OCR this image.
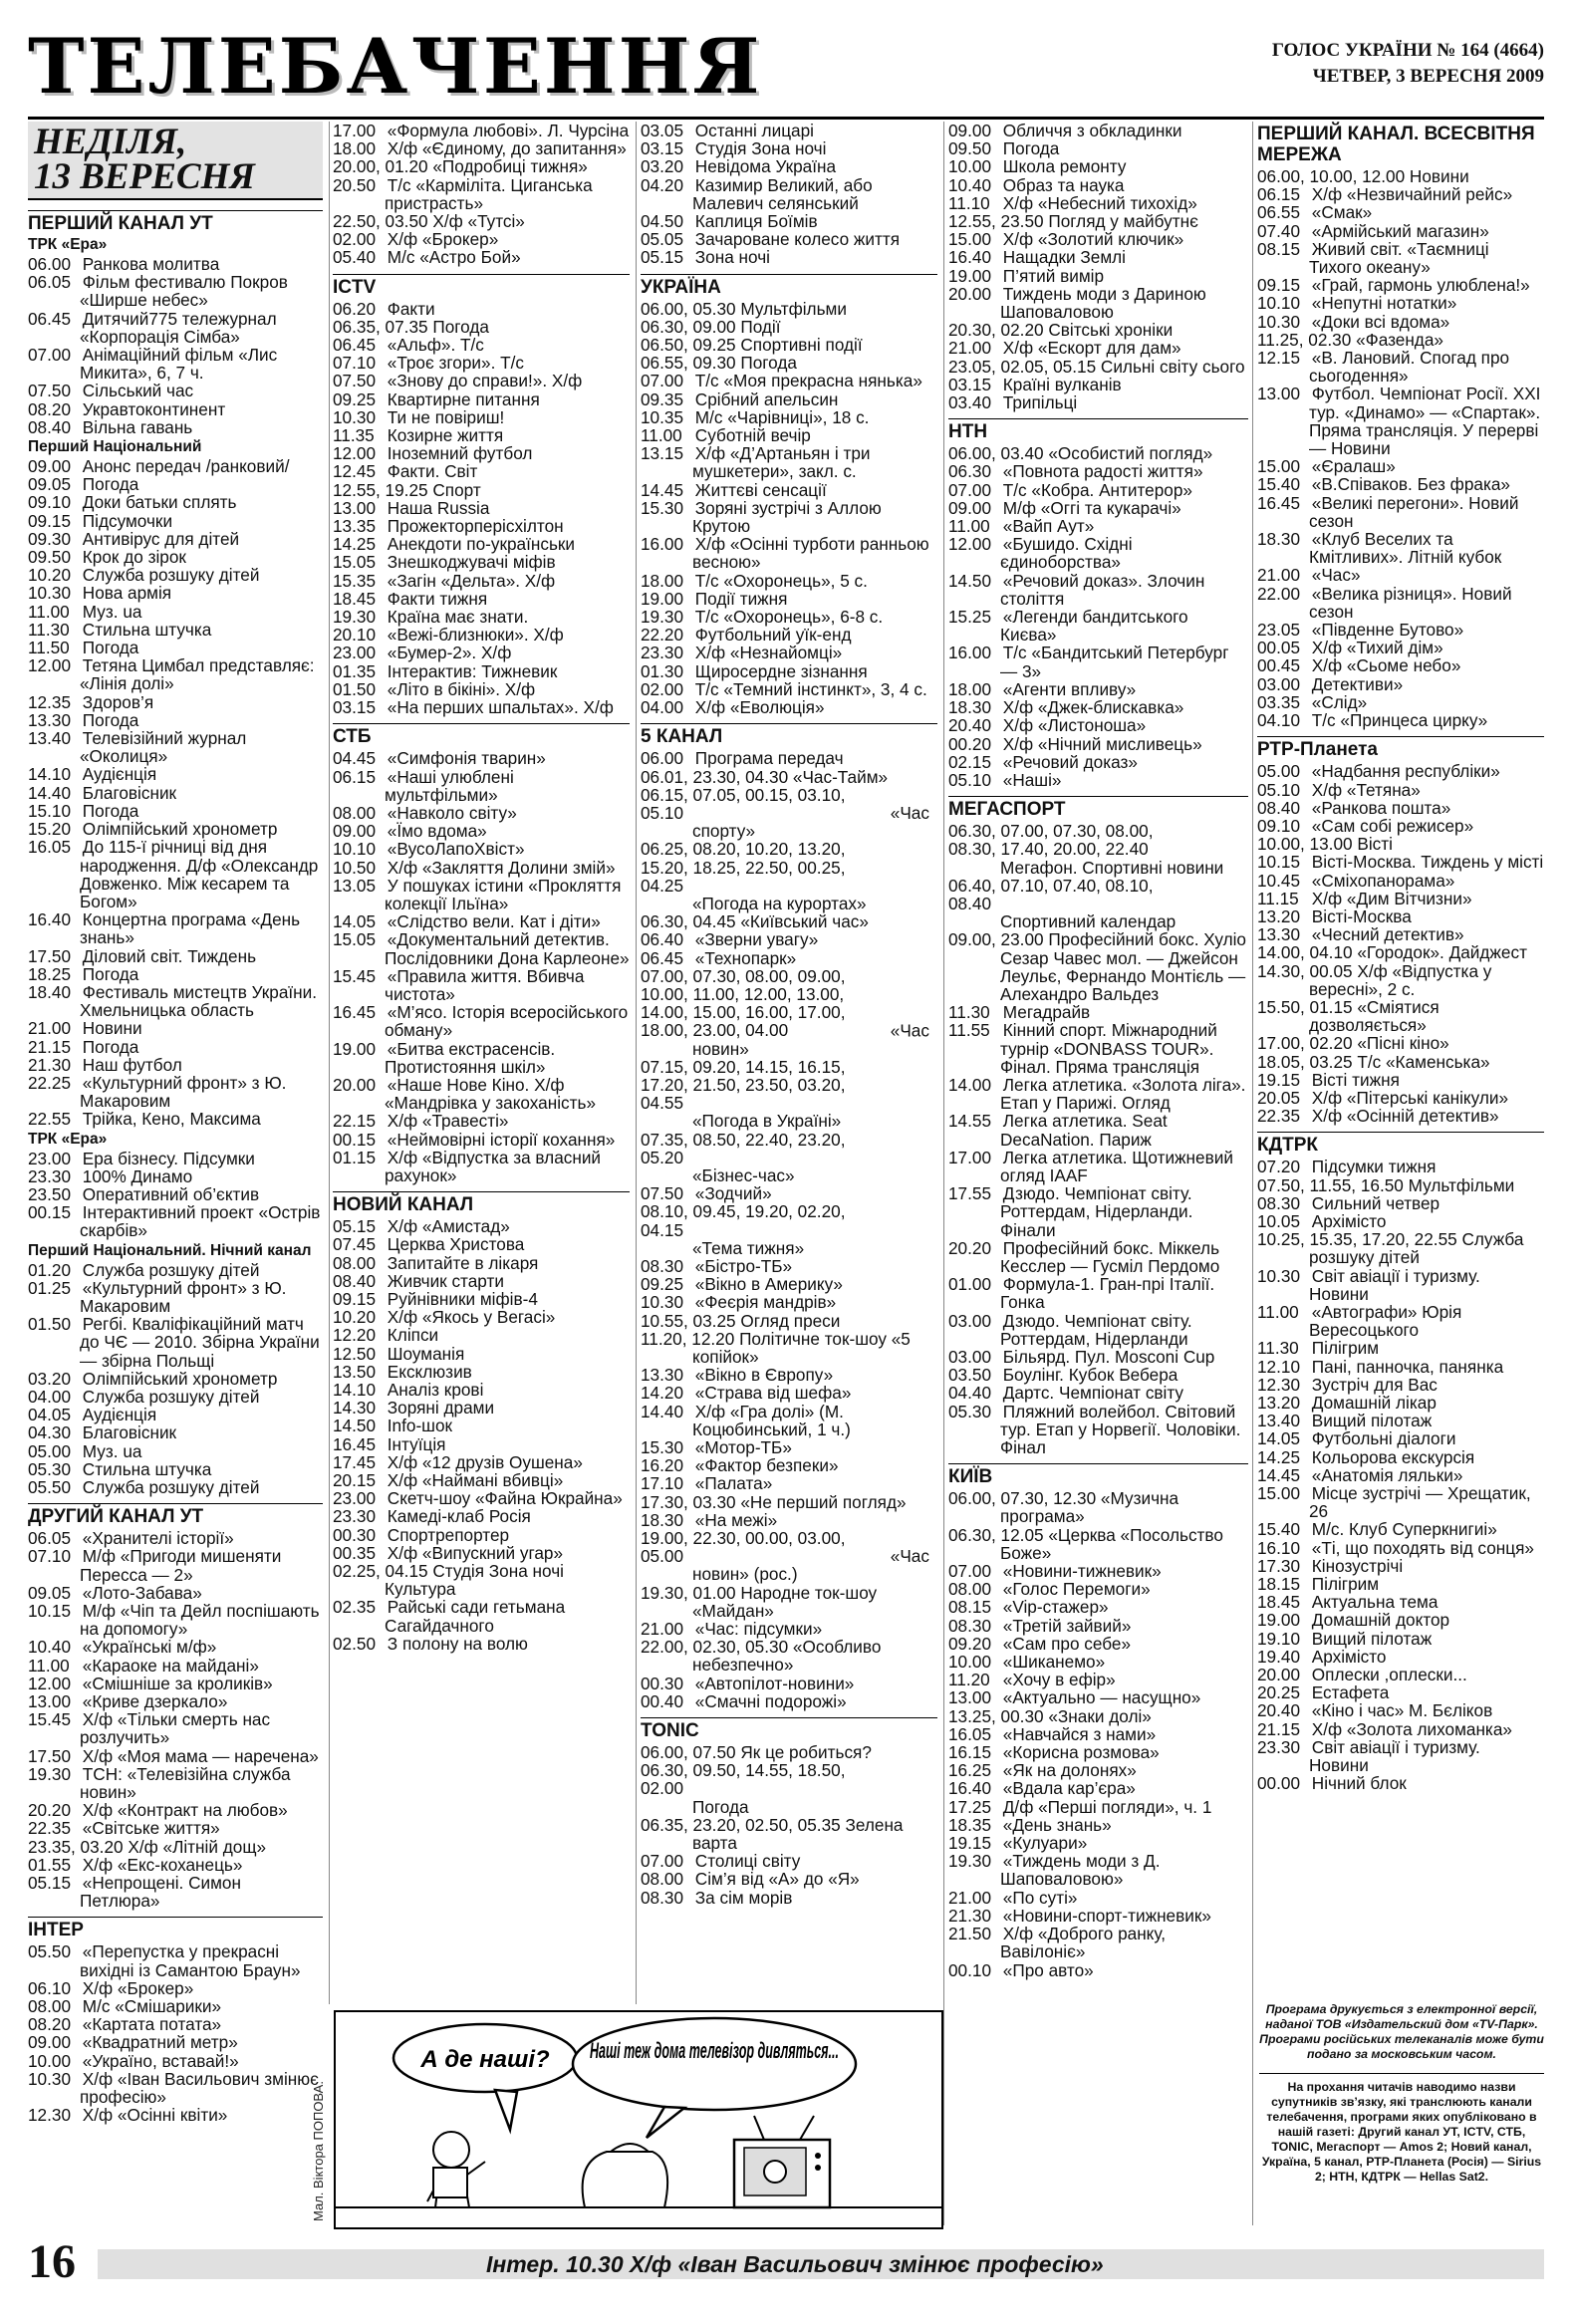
ТЕЛЕБАЧЕННЯ	ГОЛОС УКРАЇНИ № 164 (4664)
ЧЕТВЕР, 3 ВЕРЕСНЯ 2009
НЕДІЛЯ,
13 ВЕРЕСНЯ
ПЕРШИЙ КАНАЛ УТ
ТРК «Ера»
06.00 Ранкова молитва
06.05 Фільм фестивалю Покров «Ширше небес»
06.45 Дитячий775 тележурнал «Корпорація Сімба»
07.00 Анімаційний фільм «Лис Микита», 6, 7 ч.
07.50 Сільський час
08.20 Укравтоконтинент
08.40 Вільна гавань
Перший Національний
09.00 Анонс передач /ранковий/
09.05 Погода
09.10 Доки батьки сплять
09.15 Підсумочки
09.30 Антивірус для дітей
09.50 Крок до зірок
10.20 Служба розшуку дітей
10.30 Нова армія
11.00 Муз. ua
11.30 Стильна штучка
11.50 Погода
12.00 Тетяна Цимбал представляє: «Лінія долі»
12.35 Здоров’я
13.30 Погода
13.40 Телевізійний журнал «Околиця»
14.10 Аудієнція
14.40 Благовісник
15.10 Погода
15.20 Олімпійський хронометр
16.05 До 115-ї річниці від дня народження. Д/ф «Олександр Довженко. Між кесарем та Богом»
16.40 Концертна програма «День знань»
17.50 Діловий світ. Тиждень
18.25 Погода
18.40 Фестиваль мистецтв України. Хмельницька область
21.00 Новини
21.15 Погода
21.30 Наш футбол
22.25 «Культурний фронт» з Ю. Макаровим
22.55 Трійка, Кено, Максима
ТРК «Ера»
23.00 Ера бізнесу. Підсумки
23.30 100% Динамо
23.50 Оперативний об’єктив
00.15 Інтерактивний проект «Острів скарбів»
Перший Національний. Нічний канал
01.20 Служба розшуку дітей
01.25 «Культурний фронт» з Ю. Макаровим
01.50 Регбі. Кваліфікаційний матч до ЧЄ — 2010. Збірна України — збірна Польщі
03.20 Олімпійський хронометр
04.00 Служба розшуку дітей
04.05 Аудієнція
04.30 Благовісник
05.00 Муз. ua
05.30 Стильна штучка
05.50 Служба розшуку дітей
ДРУГИЙ КАНАЛ УТ
06.05 «Хранителі історії»
07.10 М/ф «Пригоди мишеняти Пересса — 2»
09.05 «Лото-Забава»
10.15 М/ф «Чіп та Дейл поспішають на допомогу»
10.40 «Українські м/ф»
11.00 «Караоке на майдані»
12.00 «Смішніше за кроликів»
13.00 «Криве дзеркало»
15.45 Х/ф «Тільки смерть нас розлучить»
17.50 Х/ф «Моя мама — наречена»
19.30 ТСН: «Телевізійна служба новин»
20.20 Х/ф «Контракт на любов»
22.35 «Світське життя»
23.35, 03.20 Х/ф «Літній дощ»
01.55 Х/ф «Екс-коханець»
05.15 «Непрощені. Симон Петлюра»
ІНТЕР
05.50 «Перепустка у прекрасні вихідні із Самантою Браун»
06.10 Х/ф «Брокер»
08.00 М/с «Смішарики»
08.20 «Картата потата»
09.00 «Квадратний метр»
10.00 «Україно, вставай!»
10.30 Х/ф «Іван Васильович змінює професію»
12.30 Х/ф «Осінні квіти»
17.00 «Формула любові». Л. Чурсіна
18.00 Х/ф «Єдиному, до запитання»
20.00, 01.20 «Подробиці тижня»
20.50 Т/с «Карміліта. Циганська пристрасть»
22.50, 03.50 Х/ф «Тутсі»
02.00 Х/ф «Брокер»
05.40 М/с «Астро Бой»
ICTV
06.20 Факти
06.35, 07.35 Погода
06.45 «Альф». Т/с
07.10 «Троє згори». Т/с
07.50 «Знову до справи!». Х/ф
09.25 Квартирне питання
10.30 Ти не повіриш!
11.35 Козирне життя
12.00 Іноземний футбол
12.45 Факти. Світ
12.55, 19.25 Спорт
13.00 Наша Russia
13.35 Прожекторперісхілтон
14.25 Анекдоти по-українськи
15.05 Знешкоджувачі міфів
15.35 «Загін «Дельта». Х/ф
18.45 Факти тижня
19.30 Країна має знати.
20.10 «Вежі-близнюки». Х/ф
23.00 «Бумер-2». Х/ф
01.35 Інтерактив: Тижневик
01.50 «Літо в бікіні». Х/ф
03.15 «На перших шпальтах». Х/ф
СТБ
04.45 «Симфонія тварин»
06.15 «Наші улюблені мультфільми»
08.00 «Навколо світу»
09.00 «Їмо вдома»
10.10 «ВусоЛапоХвіст»
10.50 Х/ф «Закляття Долини змій»
13.05 У пошуках істини «Прокляття колекції Ільїна»
14.05 «Слідство вели. Кат і діти»
15.05 «Документальний детектив. Послідовники Дона Карлеоне»
15.45 «Правила життя. Вбивча чистота»
16.45 «М’ясо. Історія всеросійського обману»
19.00 «Битва екстрасенсів. Протистояння шкіл»
20.00 «Наше Нове Кіно. Х/ф «Мандрівка у закоханість»
22.15 Х/ф «Травесті»
00.15 «Неймовірні історії кохання»
01.15 Х/ф «Відпустка за власний рахунок»
НОВИЙ КАНАЛ
05.15 Х/ф «Амистад»
07.45 Церква Христова
08.00 Запитайте в лікаря
08.40 Живчик старти
09.15 Руйнівники міфів-4
10.20 Х/ф «Якось у Вегасі»
12.20 Кліпси
12.50 Шоуманія
13.50 Ексклюзив
14.10 Аналіз крові
14.30 Зоряні драми
14.50 Info-шок
16.45 Інтуїція
17.45 Х/ф «12 друзів Оушена»
20.15 Х/ф «Наймані вбивці»
23.00 Скетч-шоу «Файна Юкрайна»
23.30 Камеді-клаб Росія
00.30 Спортрепортер
00.35 Х/ф «Випускний угар»
02.25, 04.15 Студія Зона ночі Культура
02.35 Райські сади гетьмана Сагайдачного
02.50 З полону на волю
03.05 Останні лицарі
03.15 Студія Зона ночі
03.20 Невідома Україна
04.20 Казимир Великий, або Малевич селянський
04.50 Каплиця Боїмів
05.05 Зачароване колесо життя
05.15 Зона ночі
УКРАЇНА
06.00, 05.30 Мультфільми
06.30, 09.00 Події
06.50, 09.25 Спортивні події
06.55, 09.30 Погода
07.00 Т/с «Моя прекрасна нянька»
09.35 Срібний апельсин
10.35 М/с «Чарівниці», 18 с.
11.00 Суботній вечір
13.15 Х/ф «Д’Артаньян і три мушкетери», закл. с.
14.45 Життєві сенсації
15.30 Зоряні зустрічі з Аллою Крутою
16.00 Х/ф «Осінні турботи ранньою весною»
18.00 Т/с «Охоронець», 5 с.
19.00 Події тижня
19.30 Т/с «Охоронець», 6-8 с.
22.20 Футбольний уїк-енд
23.30 Х/ф «Незнайомці»
01.30 Щиросердне зізнання
02.00 Т/с «Темний інстинкт», 3, 4 с.
04.00 Х/ф «Еволюція»
5 КАНАЛ
06.00 Програма передач
06.01, 23.30, 04.30 «Час-Тайм»
06.15, 07.05, 00.15, 03.10, 05.10	«Час спорту»
06.25, 08.20, 10.20, 13.20, 15.20, 18.25, 22.50, 00.25, 04.25 «Погода на курортах»
06.30, 04.45 «Київський час»
06.40 «Зверни увагу»
06.45 «Технопарк»
07.00, 07.30, 08.00, 09.00, 10.00, 11.00, 12.00, 13.00, 14.00, 15.00, 16.00, 17.00, 18.00, 23.00, 04.00	«Час новин»
07.15, 09.20, 14.15, 16.15, 17.20, 21.50, 23.50, 03.20, 04.55 «Погода в Україні»
07.35, 08.50, 22.40, 23.20, 05.20 «Бізнес-час»
07.50 «Зодчий»
08.10, 09.45, 19.20, 02.20, 04.15 «Тема тижня»
08.30 «Бістро-ТБ»
09.25 «Вікно в Америку»
10.30 «Феєрія мандрів»
10.55, 03.25 Огляд преси
11.20, 12.20 Політичне ток-шоу «5 копійок»
13.30 «Вікно в Європу»
14.20 «Страва від шефа»
14.40 Х/ф «Гра долі» (М. Коцюбинський, 1 ч.)
15.30 «Мотор-ТБ»
16.20 «Фактор безпеки»
17.10 «Палата»
17.30, 03.30 «Не перший погляд»
18.30 «На межі»
19.00, 22.30, 00.00, 03.00, 05.00	«Час новин» (рос.)
19.30, 01.00 Народне ток-шоу «Майдан»
21.00 «Час: підсумки»
22.00, 02.30, 05.30 «Особливо небезпечно»
00.30 «Автопілот-новини»
00.40 «Смачні подорожі»
TONIC
06.00, 07.50 Як це робиться?
06.30, 09.50, 14.55, 18.50, 02.00 Погода
06.35, 23.20, 02.50, 05.35 Зелена варта
07.00 Столиці світу
08.00 Сім’я від «А» до «Я»
08.30 За сім морів
09.00 Обличчя з обкладинки
09.50 Погода
10.00 Школа ремонту
10.40 Образ та наука
11.10 Х/ф «Небесний тихохід»
12.55, 23.50 Погляд у майбутнє
15.00 Х/ф «Золотий ключик»
16.40 Нащадки Землі
19.00 П’ятий вимір
20.00 Тиждень моди з Дариною Шаповаловою
20.30, 02.20 Світські хроніки
21.00 Х/ф «Ескорт для дам»
23.05, 02.05, 05.15 Сильні світу сього
03.15 Країні вулканів
03.40 Трипільці
НТН
06.00, 03.40 «Особистий погляд»
06.30 «Повнота радості життя»
07.00 Т/с «Кобра. Антитерор»
09.00 М/ф «Оггі та кукарачі»
11.00 «Вайп Аут»
12.00 «Бушидо. Східні єдиноборства»
14.50 «Речовий доказ». Злочин століття
15.25 «Легенди бандитського Києва»
16.00 Т/с «Бандитський Петербург — 3»
18.00 «Агенти впливу»
18.30 Х/ф «Джек-блискавка»
20.40 Х/ф «Листоноша»
00.20 Х/ф «Нічний мисливець»
02.15 «Речовий доказ»
05.10 «Наші»
МЕГАСПОРТ
06.30, 07.00, 07.30, 08.00, 08.30, 17.40, 20.00, 22.40 Мегафон. Спортивні новини
06.40, 07.10, 07.40, 08.10, 08.40 Спортивний календар
09.00, 23.00 Професійний бокс. Хуліо Сезар Чавес мол. — Джейсон Леульє, Фернандо Монтієль — Алехандро Вальдез
11.30 Мегадрайв
11.55 Кінний спорт. Міжнародний турнір «DONBASS TOUR». Фінал. Пряма трансляція
14.00 Легка атлетика. «Золота ліга». Етап у Парижі. Огляд
14.55 Легка атлетика. Seat DecaNation. Париж
17.00 Легка атлетика. Щотижневий огляд IAAF
17.55 Дзюдо. Чемпіонат світу. Роттердам, Нідерланди. Фінали
20.20 Професійний бокс. Міккель Кесслер — Гусміл Пердомо
01.00 Формула-1. Гран-прі Італії. Гонка
03.00 Дзюдо. Чемпіонат світу. Роттердам, Нідерланди
03.00 Більярд. Пул. Mosconi Cup
03.50 Боулінг. Кубок Вебера
04.40 Дартс. Чемпіонат світу
05.30 Пляжний волейбол. Світовий тур. Етап у Норвегії. Чоловіки. Фінал
КИЇВ
06.00, 07.30, 12.30 «Музична програма»
06.30, 12.05 «Церква «Посольство Боже»
07.00 «Новини-тижневик»
08.00 «Голос Перемоги»
08.15 «Vip-стажер»
08.30 «Третій зайвий»
09.20 «Сам про себе»
10.00 «Шиканемо»
11.20 «Хочу в ефір»
13.00 «Актуально — насущно»
13.25, 00.30 «Знаки долі»
16.05 «Навчайся з нами»
16.15 «Корисна розмова»
16.25 «Як на долонях»
16.40 «Вдала кар’єра»
17.25 Д/ф «Перші погляди», ч. 1
18.35 «День знань»
19.15 «Кулуари»
19.30 «Тиждень моди з Д. Шаповаловою»
21.00 «По суті»
21.30 «Новини-спорт-тижневик»
21.50 Х/ф «Доброго ранку, Вавілоніє»
00.10 «Про авто»
ПЕРШИЙ КАНАЛ. ВСЕСВІТНЯ МЕРЕЖА
06.00, 10.00, 12.00 Новини
06.15 Х/ф «Незвичайний рейс»
06.55 «Смак»
07.40 «Армійський магазин»
08.15 Живий світ. «Таємниці Тихого океану»
09.15 «Грай, гармонь улюблена!»
10.10 «Непутні нотатки»
10.30 «Доки всі вдома»
11.25, 02.30 «Фазенда»
12.15 «В. Лановий. Спогад про сьогодення»
13.00 Футбол. Чемпіонат Росії. XXI тур. «Динамо» — «Спартак». Пряма трансляція. У перерві — Новини
15.00 «Єралаш»
15.40 «В.Співаков. Без фрака»
16.45 «Великі перегони». Новий сезон
18.30 «Клуб Веселих та Кмітливих». Літній кубок
21.00 «Час»
22.00 «Велика різниця». Новий сезон
23.05 «Південне Бутово»
00.05 Х/ф «Тихий дім»
00.45 Х/ф «Сьоме небо»
03.00 Детективи»
03.35 «Слід»
04.10 Т/с «Принцеса цирку»
РТР-Планета
05.00 «Надбання республіки»
05.10 Х/ф «Тетяна»
08.40 «Ранкова пошта»
09.10 «Сам собі режисер»
10.00, 13.00 Вісті
10.15 Вісті-Москва. Тиждень у місті
10.45 «Сміхопанорама»
11.15 Х/ф «Дим Вітчизни»
13.20 Вісті-Москва
13.30 «Чесний детектив»
14.00, 04.10 «Городок». Дайджест
14.30, 00.05 Х/ф «Відпустка у вересні», 2 с.
15.50, 01.15 «Сміятися дозволяється»
17.00, 02.20 «Пісні кіно»
18.05, 03.25 Т/с «Каменська»
19.15 Вісті тижня
20.05 Х/ф «Пітерські канікули»
22.35 Х/ф «Осінній детектив»
КДТРК
07.20 Підсумки тижня
07.50, 11.55, 16.50 Мультфільми
08.30 Сильний четвер
10.05 Архімісто
10.25, 15.35, 17.20, 22.55 Служба розшуку дітей
10.30 Світ авіації і туризму. Новини
11.00 «Автографи» Юрія Вересоцького
11.30 Пілігрим
12.10 Пані, панночка, панянка
12.30 Зустріч для Вас
13.20 Домашній лікар
13.40 Вищий пілотаж
14.05 Футбольні діалоги
14.25 Кольорова екскурсія
14.45 «Анатомія ляльки»
15.00 Місце зустрічі — Хрещатик, 26
15.40 М/с. Клуб Суперкнигиi»
16.10 «Ті, що походять від сонця»
17.30 Кінозустрічі
18.15 Пілігрим
18.45 Актуальна тема
19.00 Домашній доктор
19.10 Вищий пілотаж
19.40 Архімісто
20.00 Оплески ,оплески...
20.25 Естафета
20.40 «Кіно і час» М. Бєліков
21.15 Х/ф «Золота лихоманка»
23.30 Світ авіації і туризму. Новини
00.00 Нічний блок
Мал. Віктора ПОПОВА.
А де наші? Наші теж дома телевізор дивляться...
Програма друкується з електронної версії, наданої ТОВ «Издательский дом «TV-Парк». Програми російських телеканалів може бути подано за московським часом.
На прохання читачів наводимо назви супутників зв’язку, які транслюють канали телебачення, програми яких опубліковано в нашій газеті: Другий канал УТ, ICTV, СТБ, TONIC, Мегаспорт — Amos 2; Новий канал, Україна, 5 канал, РТР-Планета (Росія) — Sirius 2; НТН, КДТРК — Hellas Sat2.
16	Інтер. 10.30 Х/ф «Іван Васильович змінює професію»
